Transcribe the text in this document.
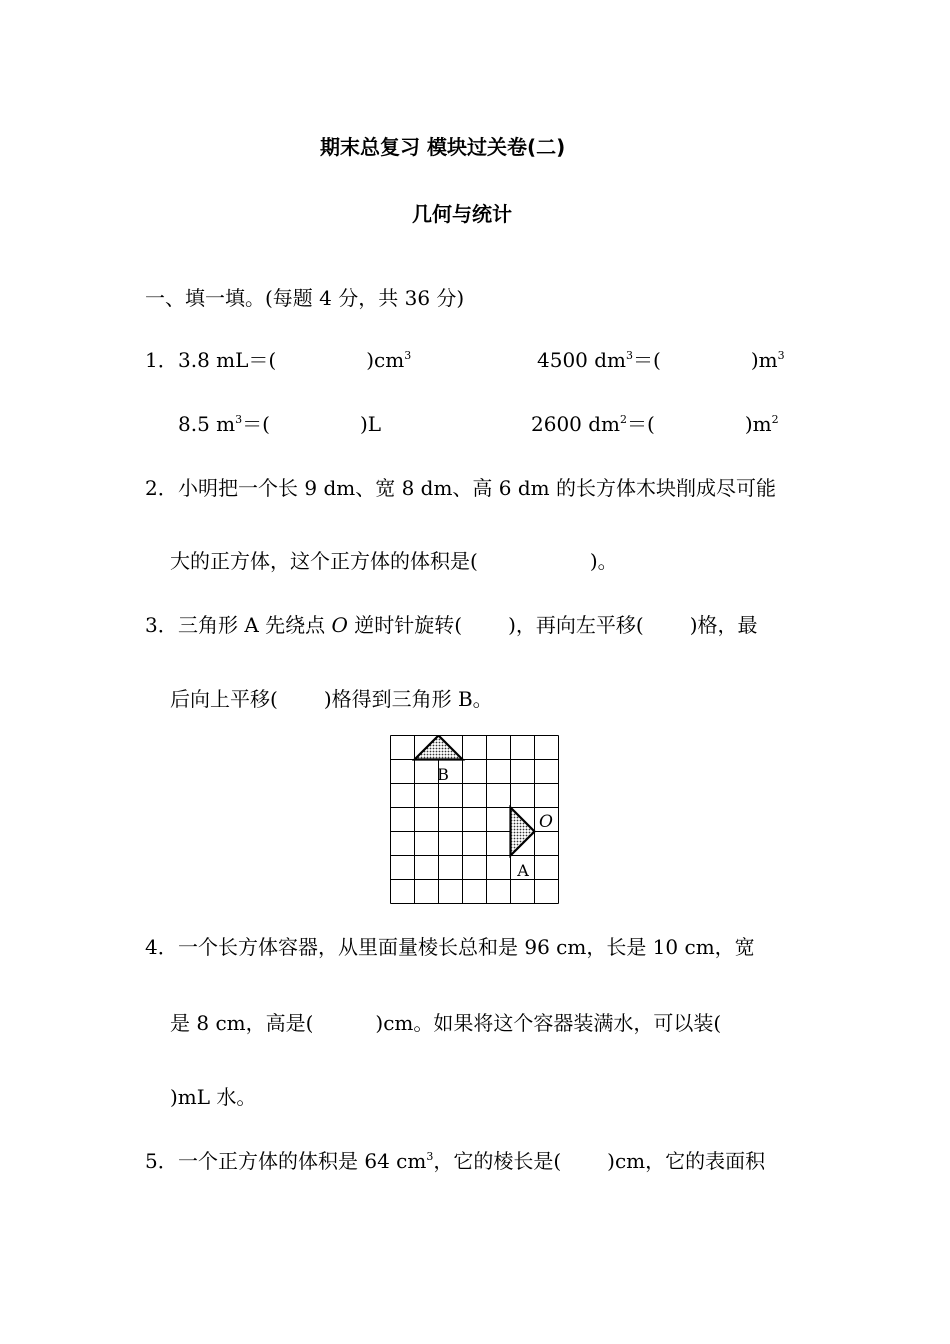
期末总复习 模块过关卷(二)
几何与统计
一、填一填。(每题 4 分，共 36 分)
1． 3.8 mL＝(	)$cm^3$	4500 $dm^3=$(	)$m^3$
8.5 $m^3=$(	)L	2600 $dm^2=$(	)$m^2$
2． 小明把一个长 9 dm、宽 8 dm、高 6 dm 的长方体木块削成尽可能
大的正方体，这个正方体的体积是(	)。
3． 三角形 A 先绕点 O 逆时针旋转( )，再向左平移( )格，最
后向上平移( )格得到三角形 B。
B
A
O
4． 一个长方体容器，从里面量棱长总和是 96 cm，长是 10 cm，宽
是 8 cm，高是(	)cm。如果将这个容器装满水，可以装(
)mL 水。
5． 一个正方体的体积是 64 $cm^3$，它的棱长是( )cm，它的表面积
